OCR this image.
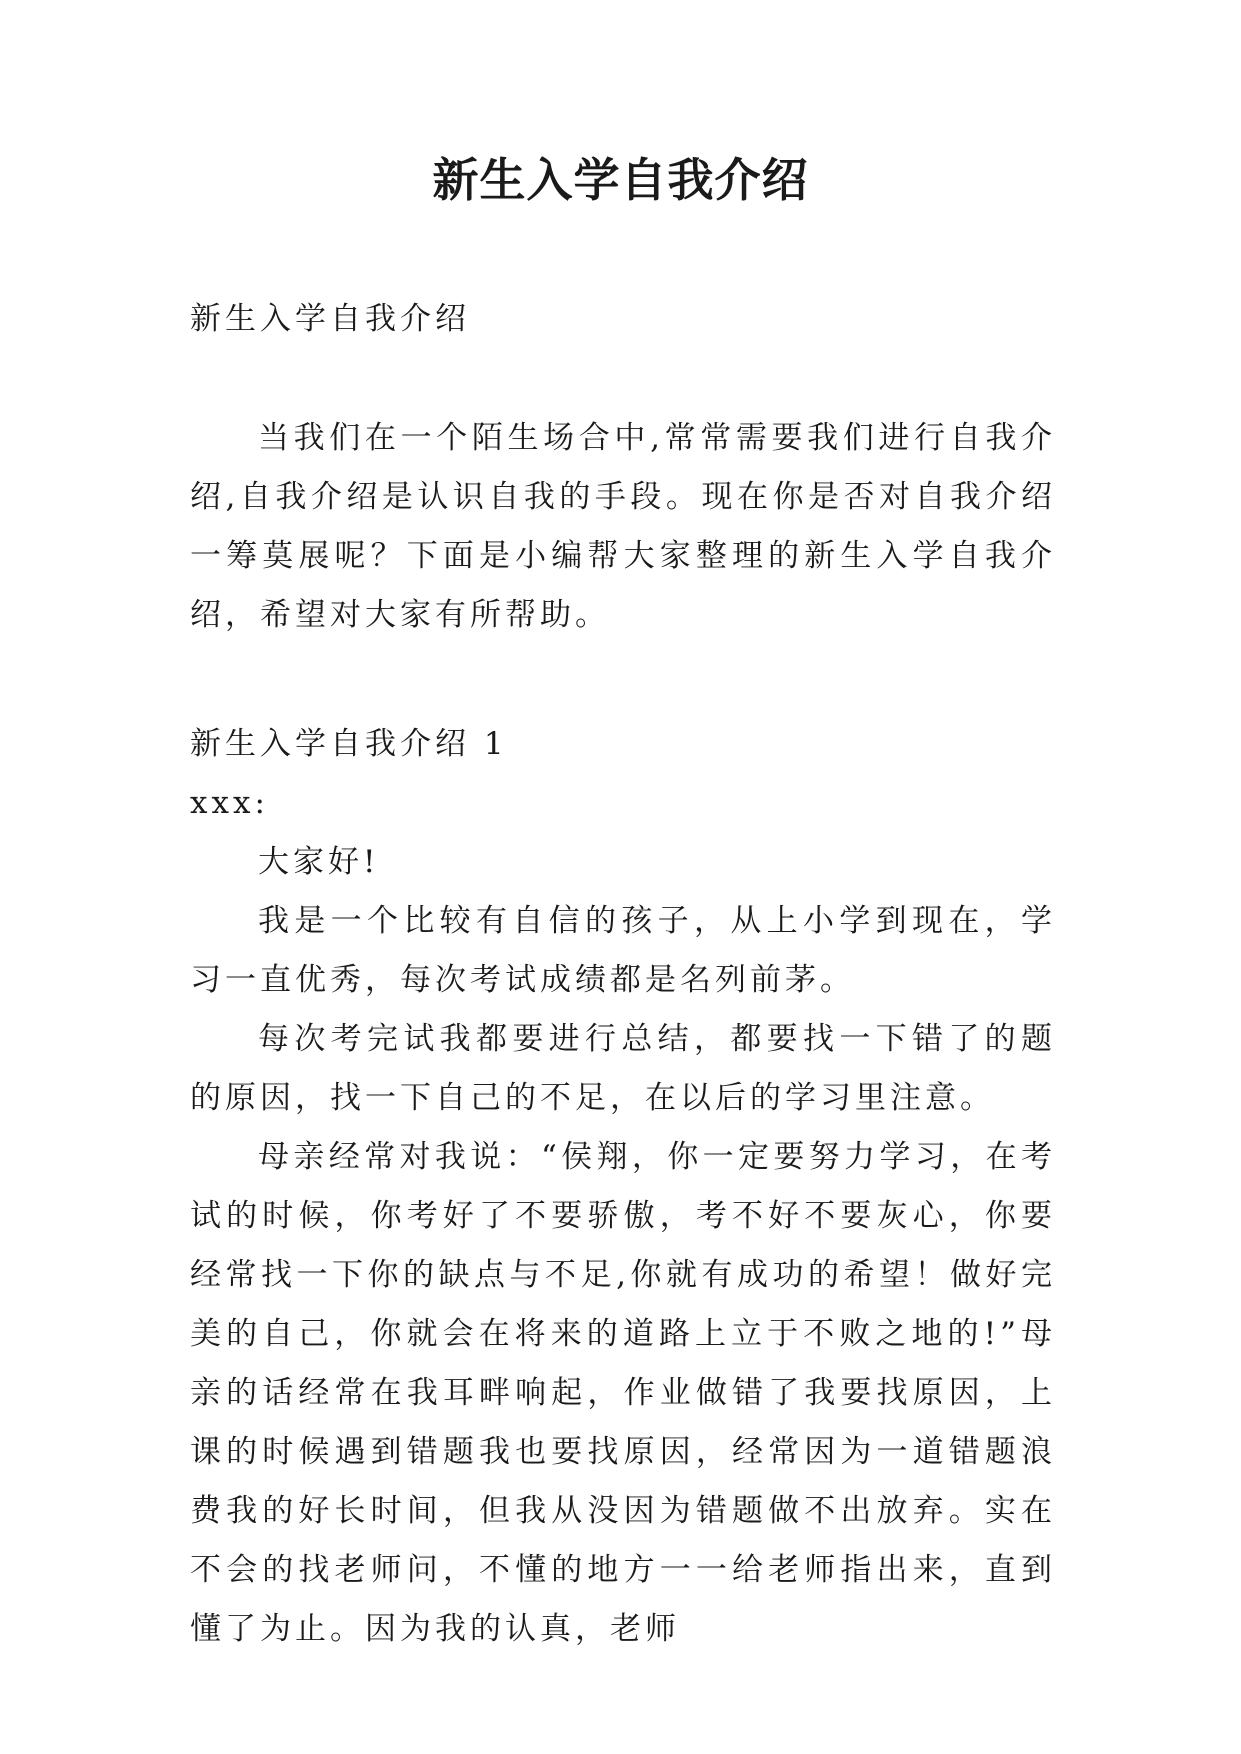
新生入学自我介绍

新生入学自我介绍

当我们在一个陌生场合中,常常需要我们进行自我介绍,自我介绍是认识自我的手段。现在你是否对自我介绍一筹莫展呢？下面是小编帮大家整理的新生入学自我介绍，希望对大家有所帮助。

新生入学自我介绍 1

xxx:

大家好!

我是一个比较有自信的孩子，从上小学到现在，学习一直优秀，每次考试成绩都是名列前茅。

每次考完试我都要进行总结，都要找一下错了的题的原因，找一下自己的不足，在以后的学习里注意。

母亲经常对我说：“侯翔，你一定要努力学习，在考试的时候，你考好了不要骄傲，考不好不要灰心，你要经常找一下你的缺点与不足,你就有成功的希望！做好完美的自己，你就会在将来的道路上立于不败之地的!”母亲的话经常在我耳畔响起，作业做错了我要找原因，上课的时候遇到错题我也要找原因，经常因为一道错题浪费我的好长时间，但我从没因为错题做不出放弃。实在不会的找老师问，不懂的地方一一给老师指出来，直到懂了为止。因为我的认真，老师
